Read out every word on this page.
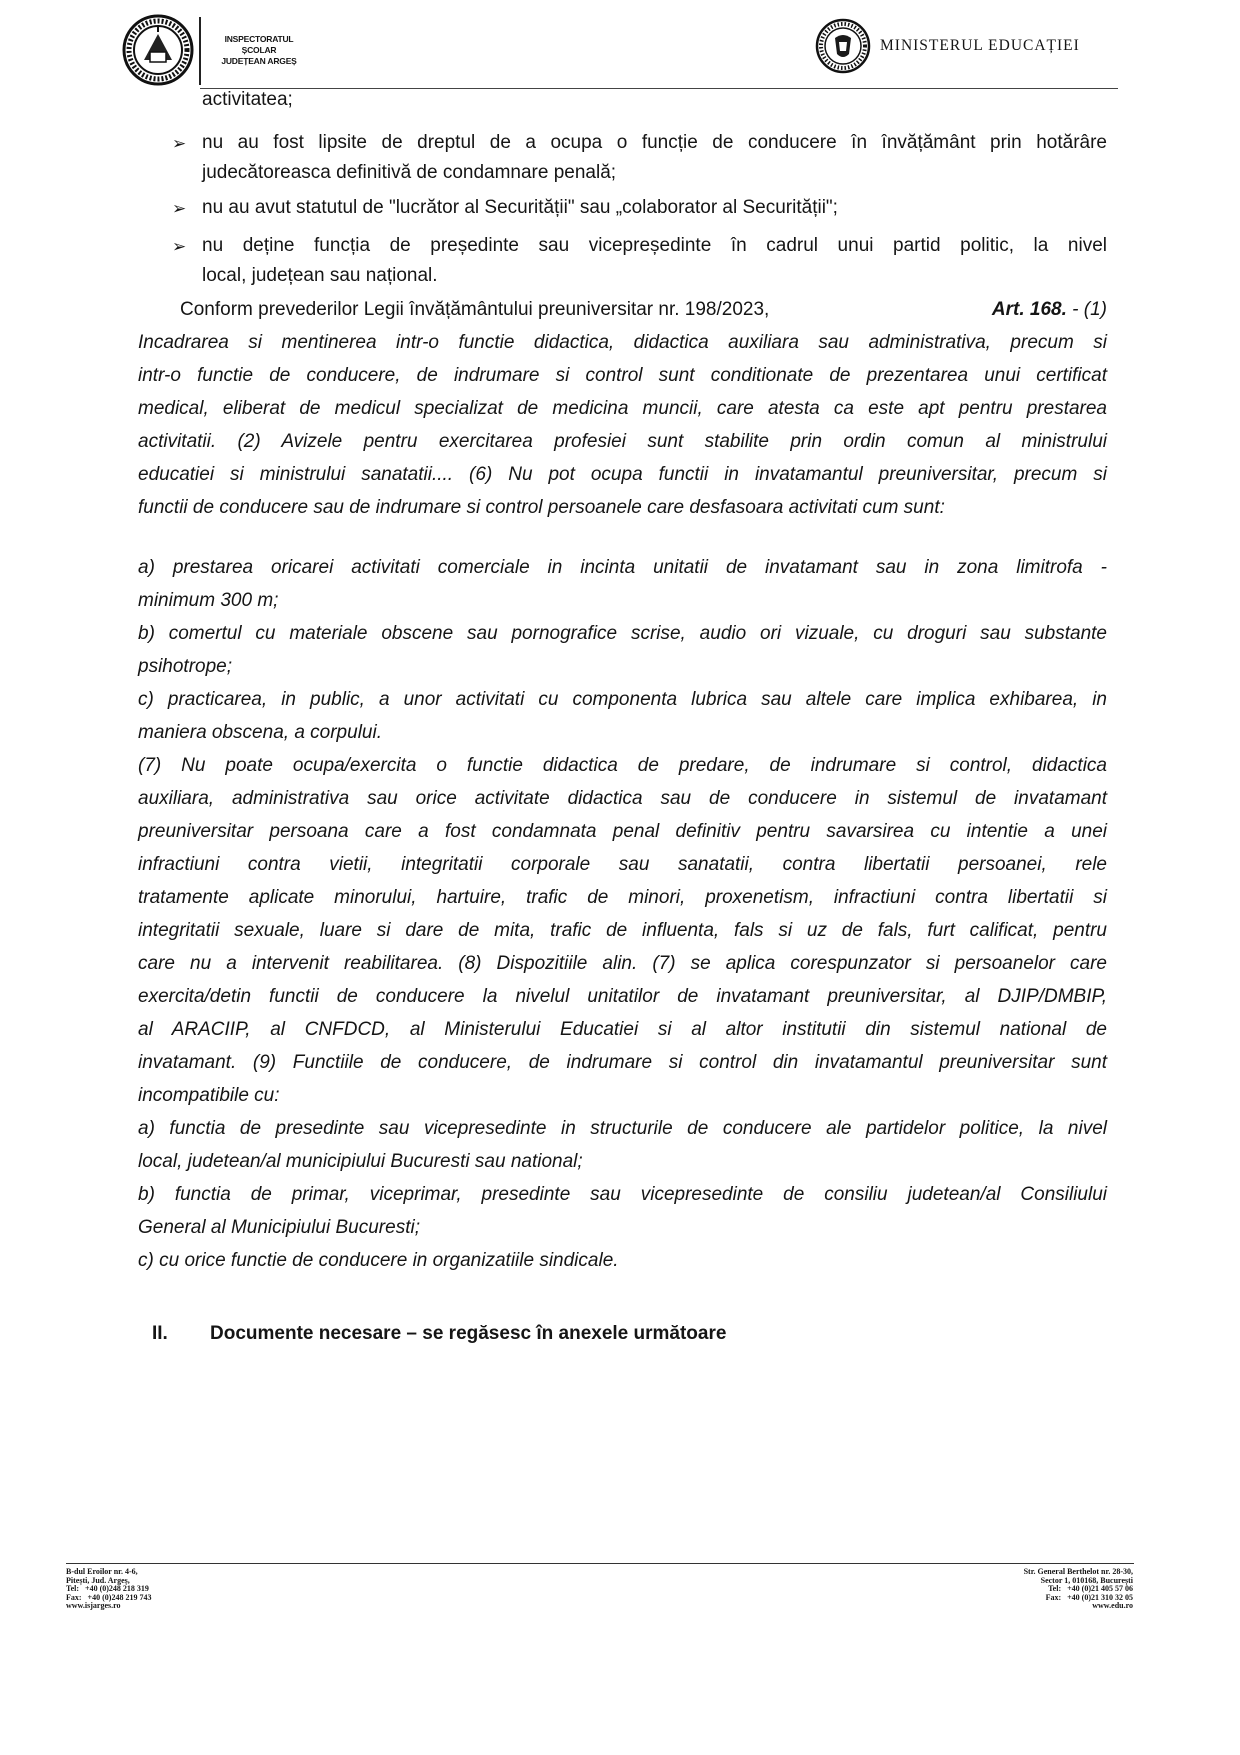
INSPECTORATUL ȘCOLAR
JUDEȚEAN ARGEȘ
MINISTERUL EDUCAȚIEI
activitatea;
➢ nu au fost lipsite de dreptul de a ocupa o funcție de conducere în învățământ prin hotărâre
judecătoreasca definitivă de condamnare penală;
➢ nu au avut statutul de "lucrător al Securității" sau „colaborator al Securității";
➢ nu deține funcția de președinte sau vicepreședinte în cadrul unui partid politic, la nivel
local, județean sau național.
Conform prevederilor Legii învățământului preuniversitar nr. 198/2023,	Art. 168. - (1)
Incadrarea si mentinerea intr-o functie didactica, didactica auxiliara sau administrativa, precum si
intr-o functie de conducere, de indrumare si control sunt conditionate de prezentarea unui certificat
medical, eliberat de medicul specializat de medicina muncii, care atesta ca este apt pentru prestarea
activitatii. (2) Avizele pentru exercitarea profesiei sunt stabilite prin ordin comun al ministrului
educatiei si ministrului sanatatii.... (6) Nu pot ocupa functii in invatamantul preuniversitar, precum si
functii de conducere sau de indrumare si control persoanele care desfasoara activitati cum sunt:
a) prestarea oricarei activitati comerciale in incinta unitatii de invatamant sau in zona limitrofa -
minimum 300 m;
b) comertul cu materiale obscene sau pornografice scrise, audio ori vizuale, cu droguri sau substante
psihotrope;
c) practicarea, in public, a unor activitati cu componenta lubrica sau altele care implica exhibarea, in
maniera obscena, a corpului.
(7) Nu poate ocupa/exercita o functie didactica de predare, de indrumare si control, didactica
auxiliara, administrativa sau orice activitate didactica sau de conducere in sistemul de invatamant
preuniversitar persoana care a fost condamnata penal definitiv pentru savarsirea cu intentie a unei
infractiuni contra vietii, integritatii corporale sau sanatatii, contra libertatii persoanei, rele
tratamente aplicate minorului, hartuire, trafic de minori, proxenetism, infractiuni contra libertatii si
integritatii sexuale, luare si dare de mita, trafic de influenta, fals si uz de fals, furt calificat, pentru
care nu a intervenit reabilitarea. (8) Dispozitiile alin. (7) se aplica corespunzator si persoanelor care
exercita/detin functii de conducere la nivelul unitatilor de invatamant preuniversitar, al DJIP/DMBIP,
al ARACIIP, al CNFDCD, al Ministerului Educatiei si al altor institutii din sistemul national de
invatamant. (9) Functiile de conducere, de indrumare si control din invatamantul preuniversitar sunt
incompatibile cu:
a) functia de presedinte sau vicepresedinte in structurile de conducere ale partidelor politice, la nivel
local, judetean/al municipiului Bucuresti sau national;
b) functia de primar, viceprimar, presedinte sau vicepresedinte de consiliu judetean/al Consiliului
General al Municipiului Bucuresti;
c) cu orice functie de conducere in organizatiile sindicale.
II. Documente necesare – se regăsesc în anexele următoare
B-dul Eroilor nr. 4-6,
Pitești, Jud. Argeș,
Tel:   +40 (0)248 218 319
Fax:   +40 (0)248 219 743
www.isjarges.ro
Str. General Berthelot nr. 28-30,
Sector 1, 010168, București
Tel:   +40 (0)21 405 57 06
Fax:   +40 (0)21 310 32 05
www.edu.ro
